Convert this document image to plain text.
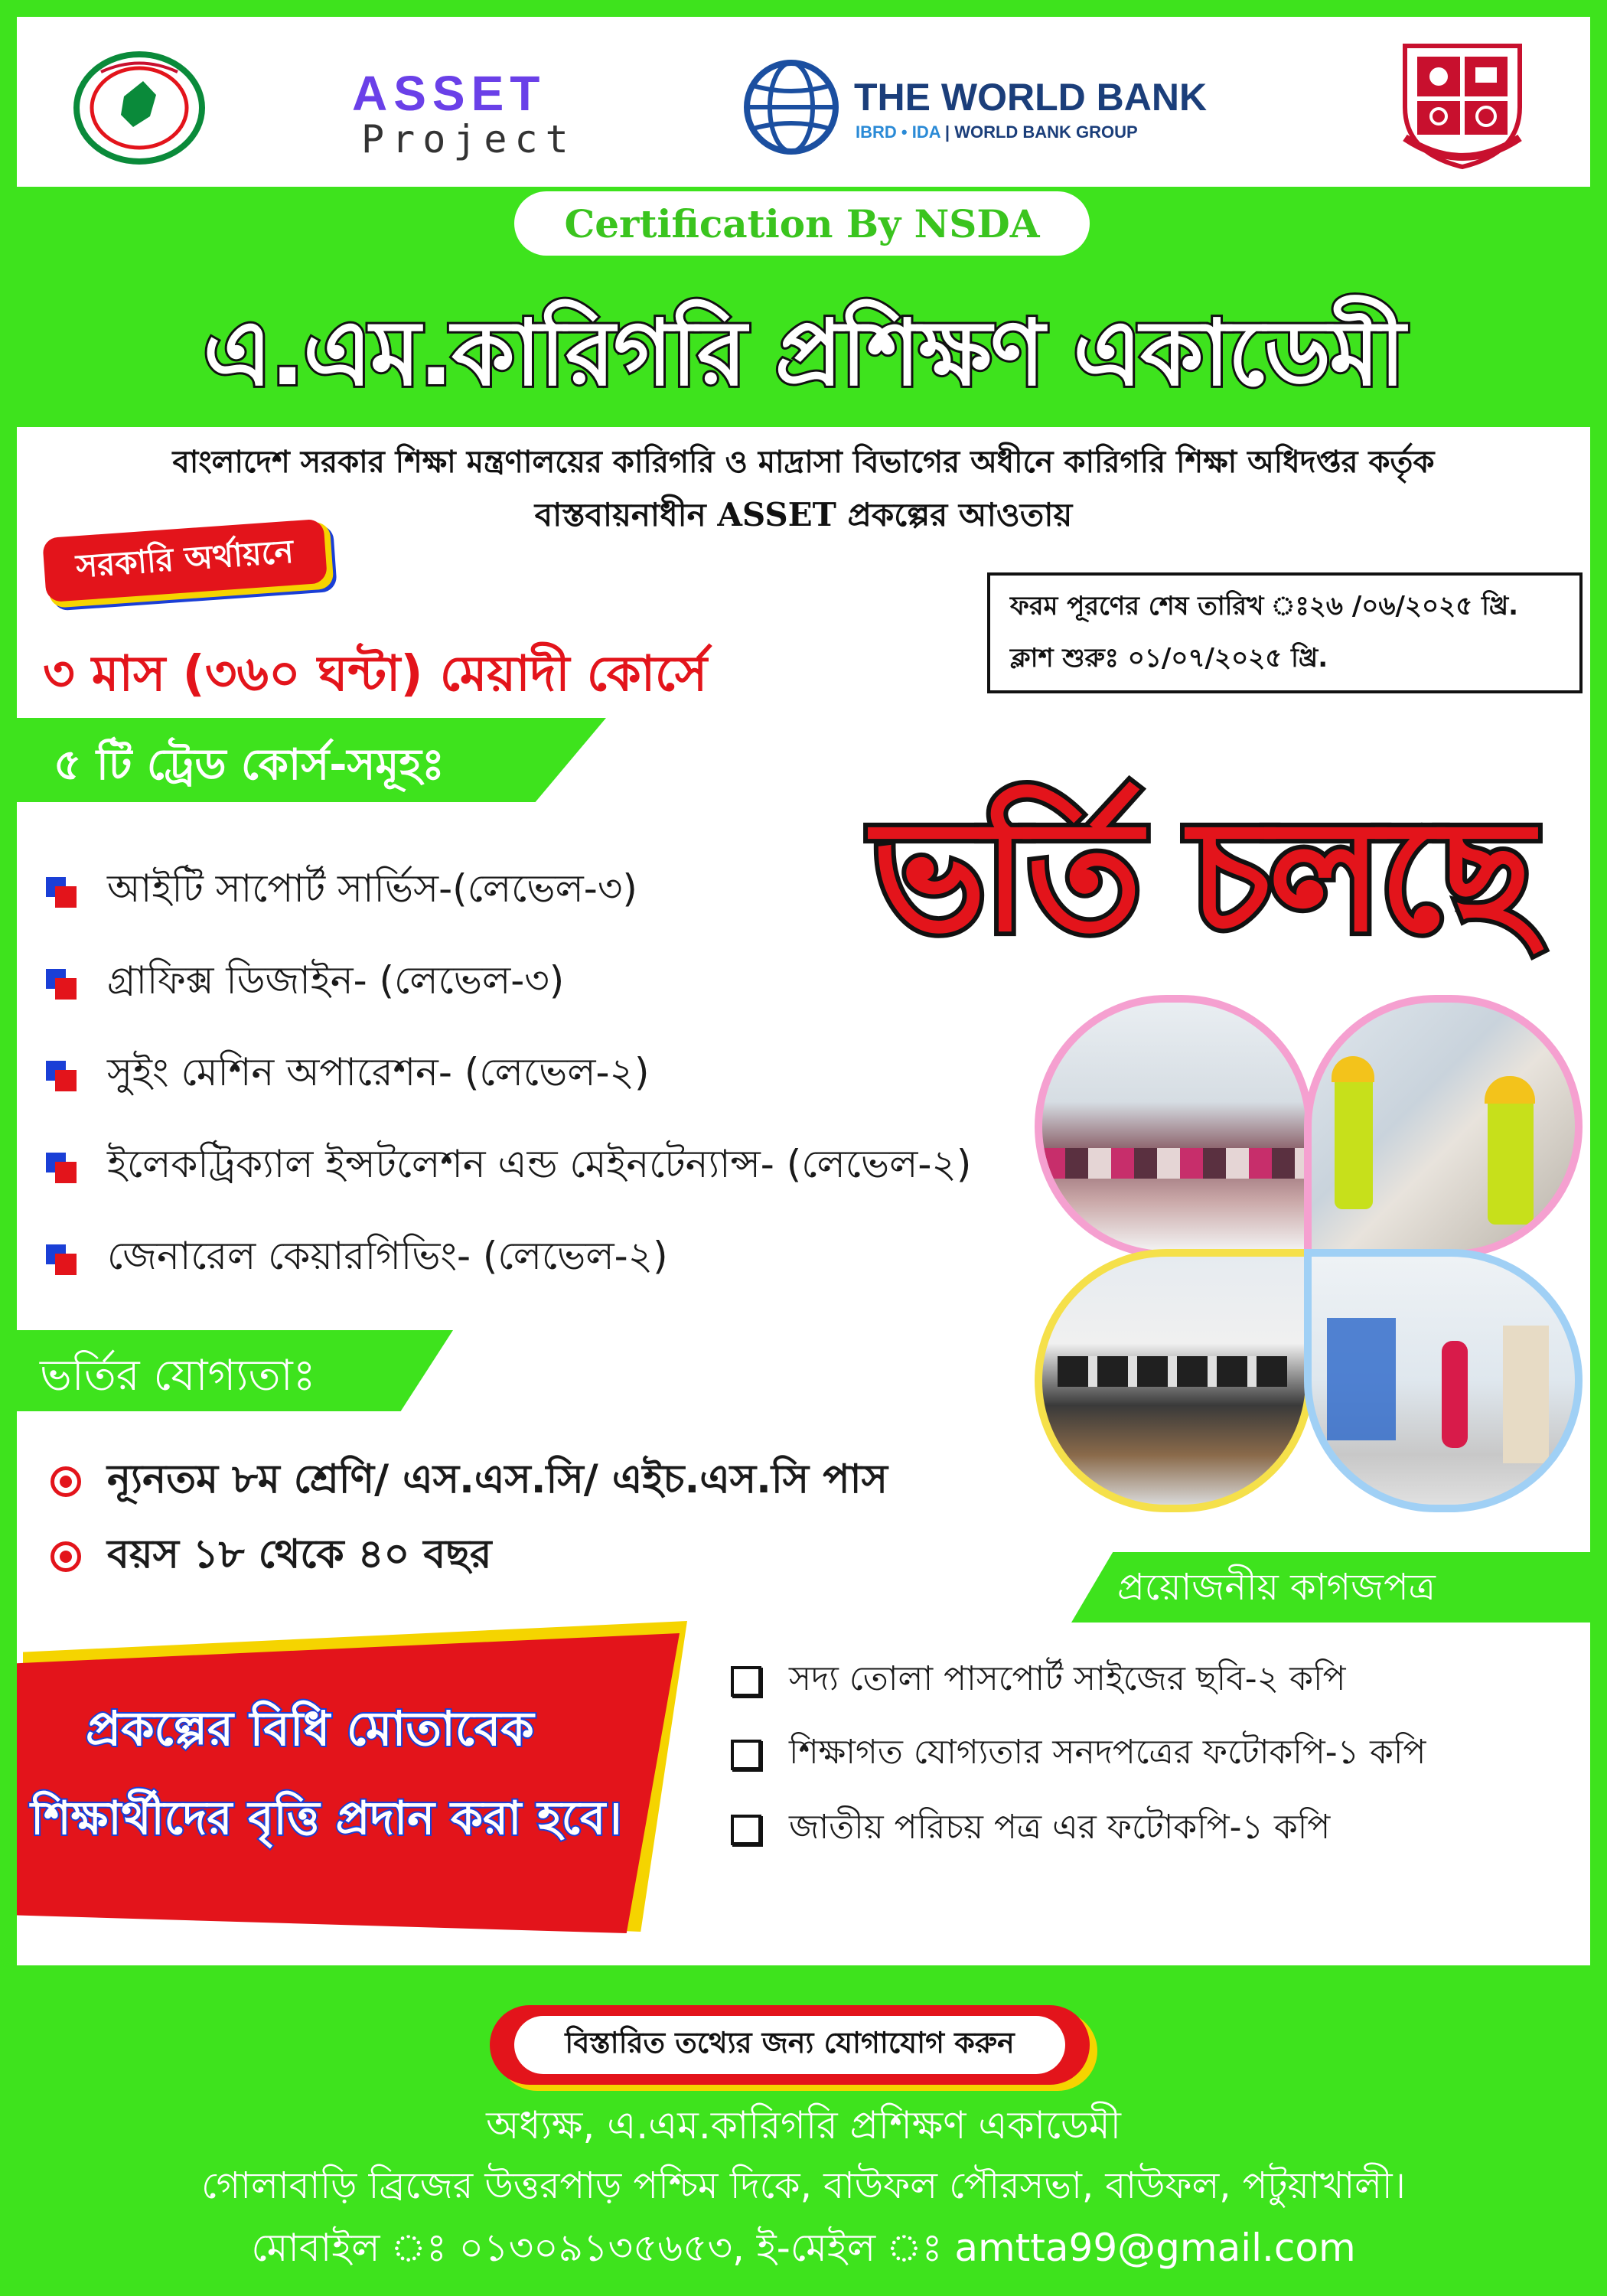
ASSET
Project
THE WORLD BANK
IBRD • IDA | WORLD BANK GROUP
Certification By NSDA
এ.এম.কারিগরি প্রশিক্ষণ একাডেমী
বাংলাদেশ সরকার শিক্ষা মন্ত্রণালয়ের কারিগরি ও মাদ্রাসা বিভাগের অধীনে কারিগরি শিক্ষা অধিদপ্তর কর্তৃক
বাস্তবায়নাধীন ASSET প্রকল্পের আওতায়
সরকারি অর্থায়নে
ফরম পূরণের শেষ তারিখ ঃ২৬ /০৬/২০২৫ খ্রি.
ক্লাশ শুরুঃ ০১/০৭/২০২৫ খ্রি.
৩ মাস (৩৬০ ঘন্টা) মেয়াদী কোর্সে
৫ টি ট্রেড কোর্স-সমূহঃ
আইটি সাপোর্ট সার্ভিস-(লেভেল-৩)
গ্রাফিক্স ডিজাইন- (লেভেল-৩)
সুইং মেশিন অপারেশন- (লেভেল-২)
ইলেকট্রিক্যাল ইন্সটলেশন এন্ড মেইনটেন্যান্স- (লেভেল-২)
জেনারেল কেয়ারগিভিং- (লেভেল-২)
ভর্তি চলছে
ভর্তির যোগ্যতাঃ
ন্যূনতম ৮ম শ্রেণি/ এস.এস.সি/ এইচ.এস.সি পাস
বয়স ১৮ থেকে ৪০ বছর
প্রয়োজনীয় কাগজপত্র
সদ্য তোলা পাসপোর্ট সাইজের ছবি-২ কপি
শিক্ষাগত যোগ্যতার সনদপত্রের ফটোকপি-১ কপি
জাতীয় পরিচয় পত্র এর ফটোকপি-১ কপি
প্রকল্পের বিধি মোতাবেক
শিক্ষার্থীদের বৃত্তি প্রদান করা হবে।
বিস্তারিত তথ্যের জন্য যোগাযোগ করুন
অধ্যক্ষ, এ.এম.কারিগরি প্রশিক্ষণ একাডেমী
গোলাবাড়ি ব্রিজের উত্তরপাড় পশ্চিম দিকে, বাউফল পৌরসভা, বাউফল, পটুয়াখালী।
মোবাইল ঃ ০১৩০৯১৩৫৬৫৩, ই-মেইল ঃ amtta99@gmail.com
